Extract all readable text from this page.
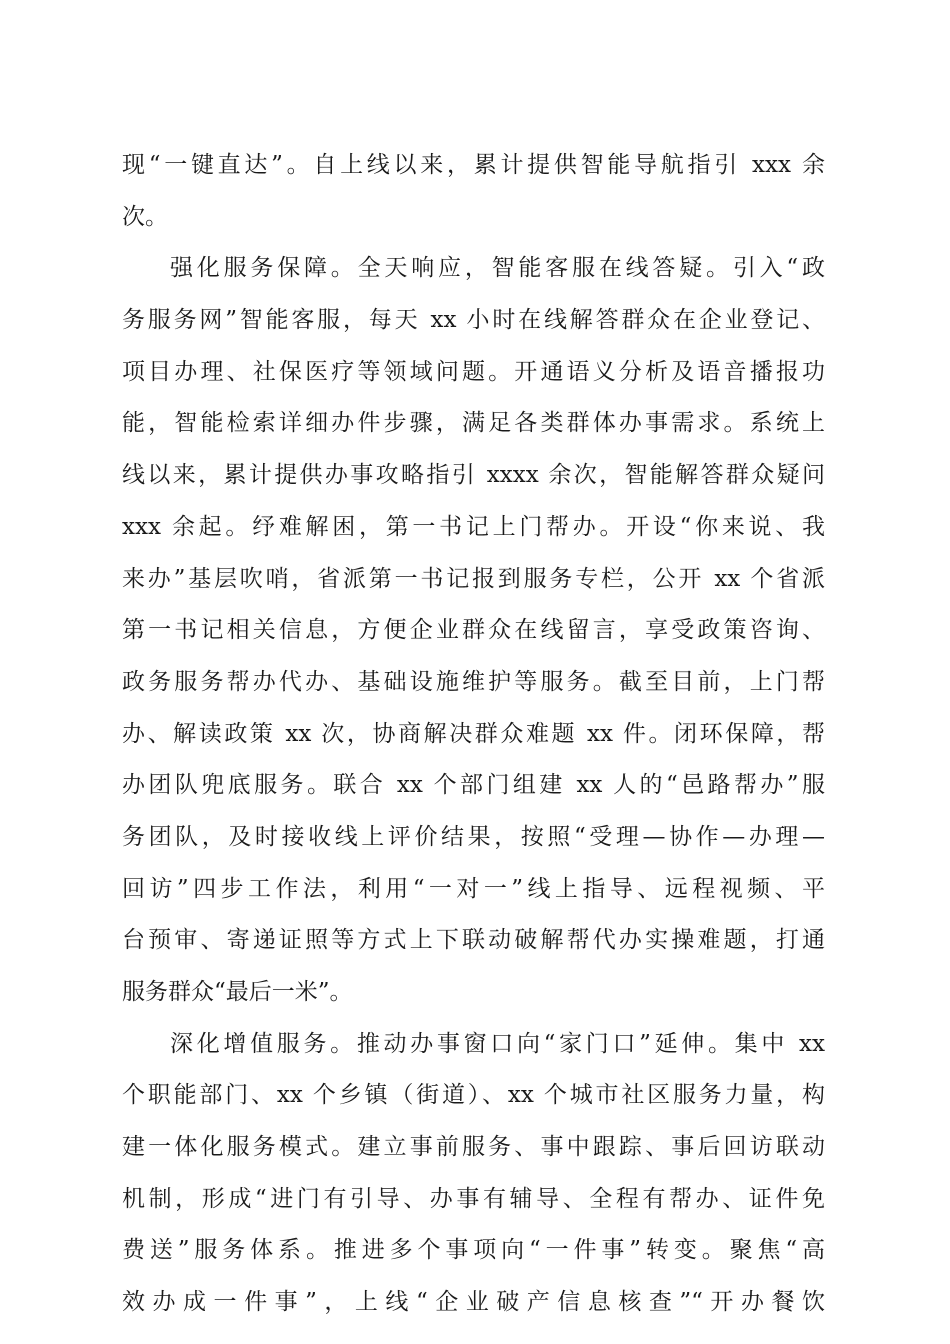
现“一键直达”。自上线以来，累计提供智能导航指引 xxx 余
次。
强化服务保障。全天响应，智能客服在线答疑。引入“政
务服务网”智能客服，每天 xx 小时在线解答群众在企业登记、
项目办理、社保医疗等领域问题。开通语义分析及语音播报功
能，智能检索详细办件步骤，满足各类群体办事需求。系统上
线以来，累计提供办事攻略指引 xxxx 余次，智能解答群众疑问
xxx 余起。纾难解困，第一书记上门帮办。开设“你来说、我
来办”基层吹哨，省派第一书记报到服务专栏，公开 xx 个省派
第一书记相关信息，方便企业群众在线留言，享受政策咨询、
政务服务帮办代办、基础设施维护等服务。截至目前，上门帮
办、解读政策 xx 次，协商解决群众难题 xx 件。闭环保障，帮
办团队兜底服务。联合 xx 个部门组建 xx 人的“邑路帮办”服
务团队，及时接收线上评价结果，按照“受理—协作—办理—
回访”四步工作法，利用“一对一”线上指导、远程视频、平
台预审、寄递证照等方式上下联动破解帮代办实操难题，打通
服务群众“最后一米”。
深化增值服务。推动办事窗口向“家门口”延伸。集中 xx
个职能部门、xx 个乡镇（街道）、xx 个城市社区服务力量，构
建一体化服务模式。建立事前服务、事中跟踪、事后回访联动
机制，形成“进门有引导、办事有辅导、全程有帮办、证件免
费送”服务体系。推进多个事项向“一件事”转变。聚焦“高
效办成一件事”，上线“企业破产信息核查”“开办餐饮
